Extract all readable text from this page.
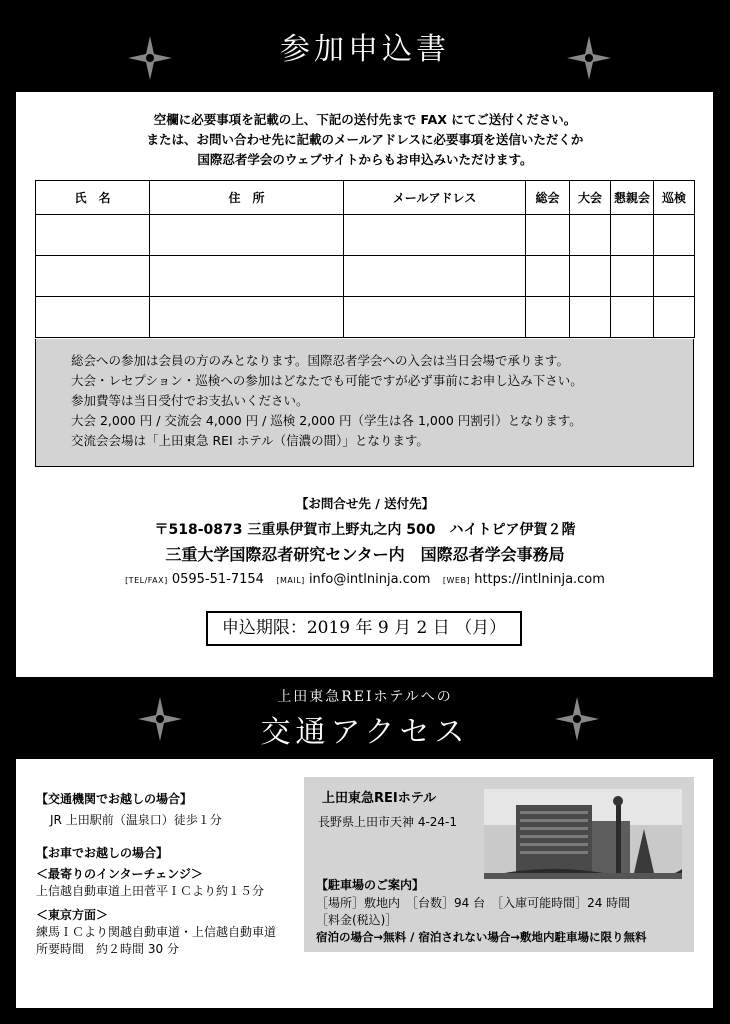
参加申込書
空欄に必要事項を記載の上、下記の送付先まで FAX にてご送付ください。
または、お問い合わせ先に記載のメールアドレスに必要事項を送信いただくか
国際忍者学会のウェブサイトからもお申込みいただけます。
氏　名	住　所	メールアドレス	総会	大会	懇親会	巡検

総会への参加は会員の方のみとなります。国際忍者学会への入会は当日会場で承ります。
大会・レセプション・巡検への参加はどなたでも可能ですが必ず事前にお申し込み下さい。
参加費等は当日受付でお支払いください。
大会 2,000 円 / 交流会 4,000 円 / 巡検 2,000 円（学生は各 1,000 円割引）となります。
交流会会場は「上田東急 REI ホテル（信濃の間）」となります。
【お問合せ先 / 送付先】
〒518-0873 三重県伊賀市上野丸之内 500　ハイトピア伊賀２階
三重大学国際忍者研究センター内　国際忍者学会事務局
[TEL/FAX] 0595-51-7154 [MAIL] info@intlninja.com [WEB] https://intlninja.com
申込期限：2019 年 9 月 2 日 （月）
上田東急REIホテルへの
交通アクセス
【交通機関でお越しの場合】
JR 上田駅前（温泉口）徒歩１分
【お車でお越しの場合】
＜最寄りのインターチェンジ＞
上信越自動車道上田菅平ＩＣより約１５分
＜東京方面＞
練馬ＩＣより関越自動車道・上信越自動車道
所要時間　約２時間 30 分
上田東急REIホテル
長野県上田市天神 4-24-1
【駐車場のご案内】
［場所］敷地内　［台数］94 台　［入庫可能時間］24 時間
［料金(税込)］
宿泊の場合→無料 / 宿泊されない場合→敷地内駐車場に限り無料
